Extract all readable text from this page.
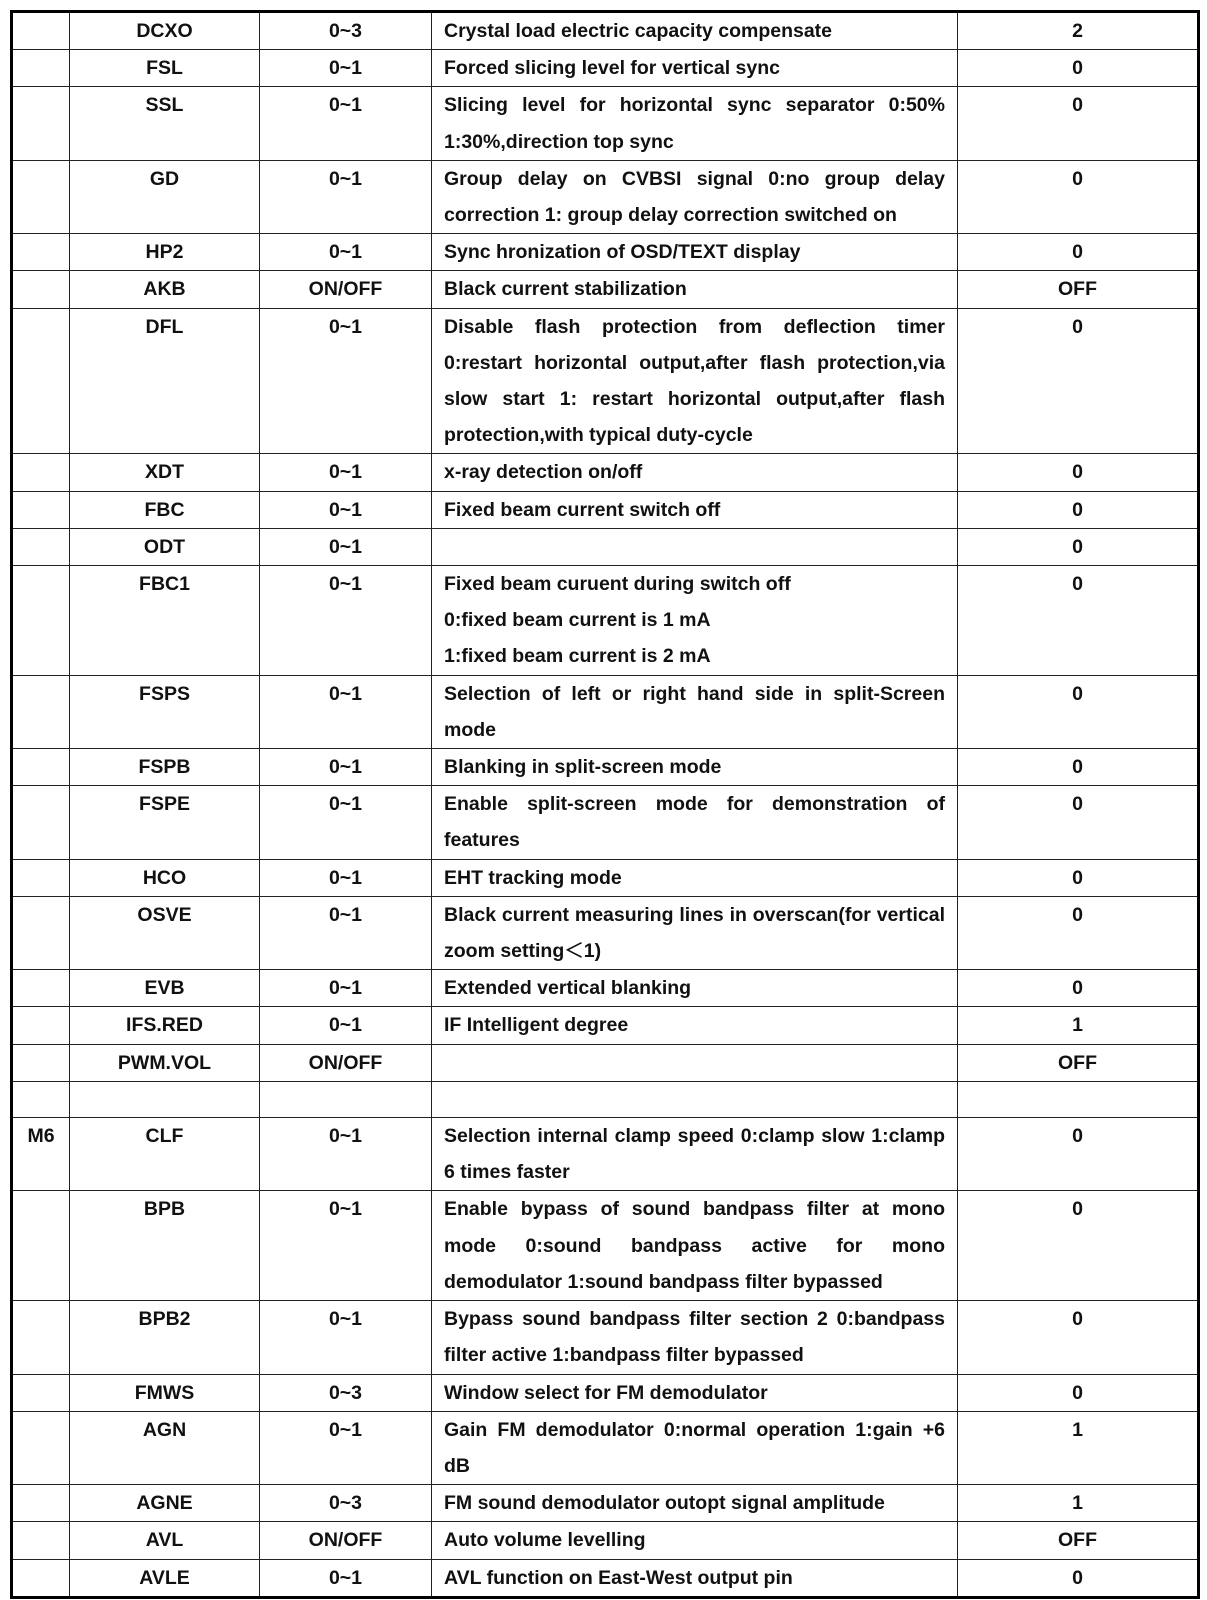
	DCXO	0~3	Crystal load electric capacity compensate	2
	FSL	0~1	Forced slicing level for vertical sync	0
	SSL	0~1	Slicing level for horizontal sync separator 0:50% 1:30%,direction top sync	0
	GD	0~1	Group delay on CVBSI signal 0:no group delay correction 1: group delay correction switched on	0
	HP2	0~1	Sync hronization of OSD/TEXT display	0
	AKB	ON/OFF	Black current stabilization	OFF
	DFL	0~1	Disable flash protection from deflection timer 0:restart horizontal output,after flash protection,via slow start 1: restart horizontal output,after flash protection,with typical duty-cycle	0
	XDT	0~1	x-ray detection on/off	0
	FBC	0~1	Fixed beam current switch off	0
	ODT	0~1		0
	FBC1	0~1	Fixed beam curuent during switch off
0:fixed beam current is 1 mA
1:fixed beam current is 2 mA	0
	FSPS	0~1	Selection of left or right hand side in split-Screen mode	0
	FSPB	0~1	Blanking in split-screen mode	0
	FSPE	0~1	Enable split-screen mode for demonstration of features	0
	HCO	0~1	EHT tracking mode	0
	OSVE	0~1	Black current measuring lines in overscan(for vertical zoom setting＜1)	0
	EVB	0~1	Extended vertical blanking	0
	IFS.RED	0~1	IF Intelligent degree	1
	PWM.VOL	ON/OFF		OFF

M6	CLF	0~1	Selection internal clamp speed 0:clamp slow 1:clamp 6 times faster	0
	BPB	0~1	Enable bypass of sound bandpass filter at mono mode 0:sound bandpass active for mono demodulator 1:sound bandpass filter bypassed	0
	BPB2	0~1	Bypass sound bandpass filter section 2 0:bandpass filter active 1:bandpass filter bypassed	0
	FMWS	0~3	Window select for FM demodulator	0
	AGN	0~1	Gain FM demodulator 0:normal operation 1:gain +6 dB	1
	AGNE	0~3	FM sound demodulator outopt signal amplitude	1
	AVL	ON/OFF	Auto volume levelling	OFF
	AVLE	0~1	AVL function on East-West output pin	0
